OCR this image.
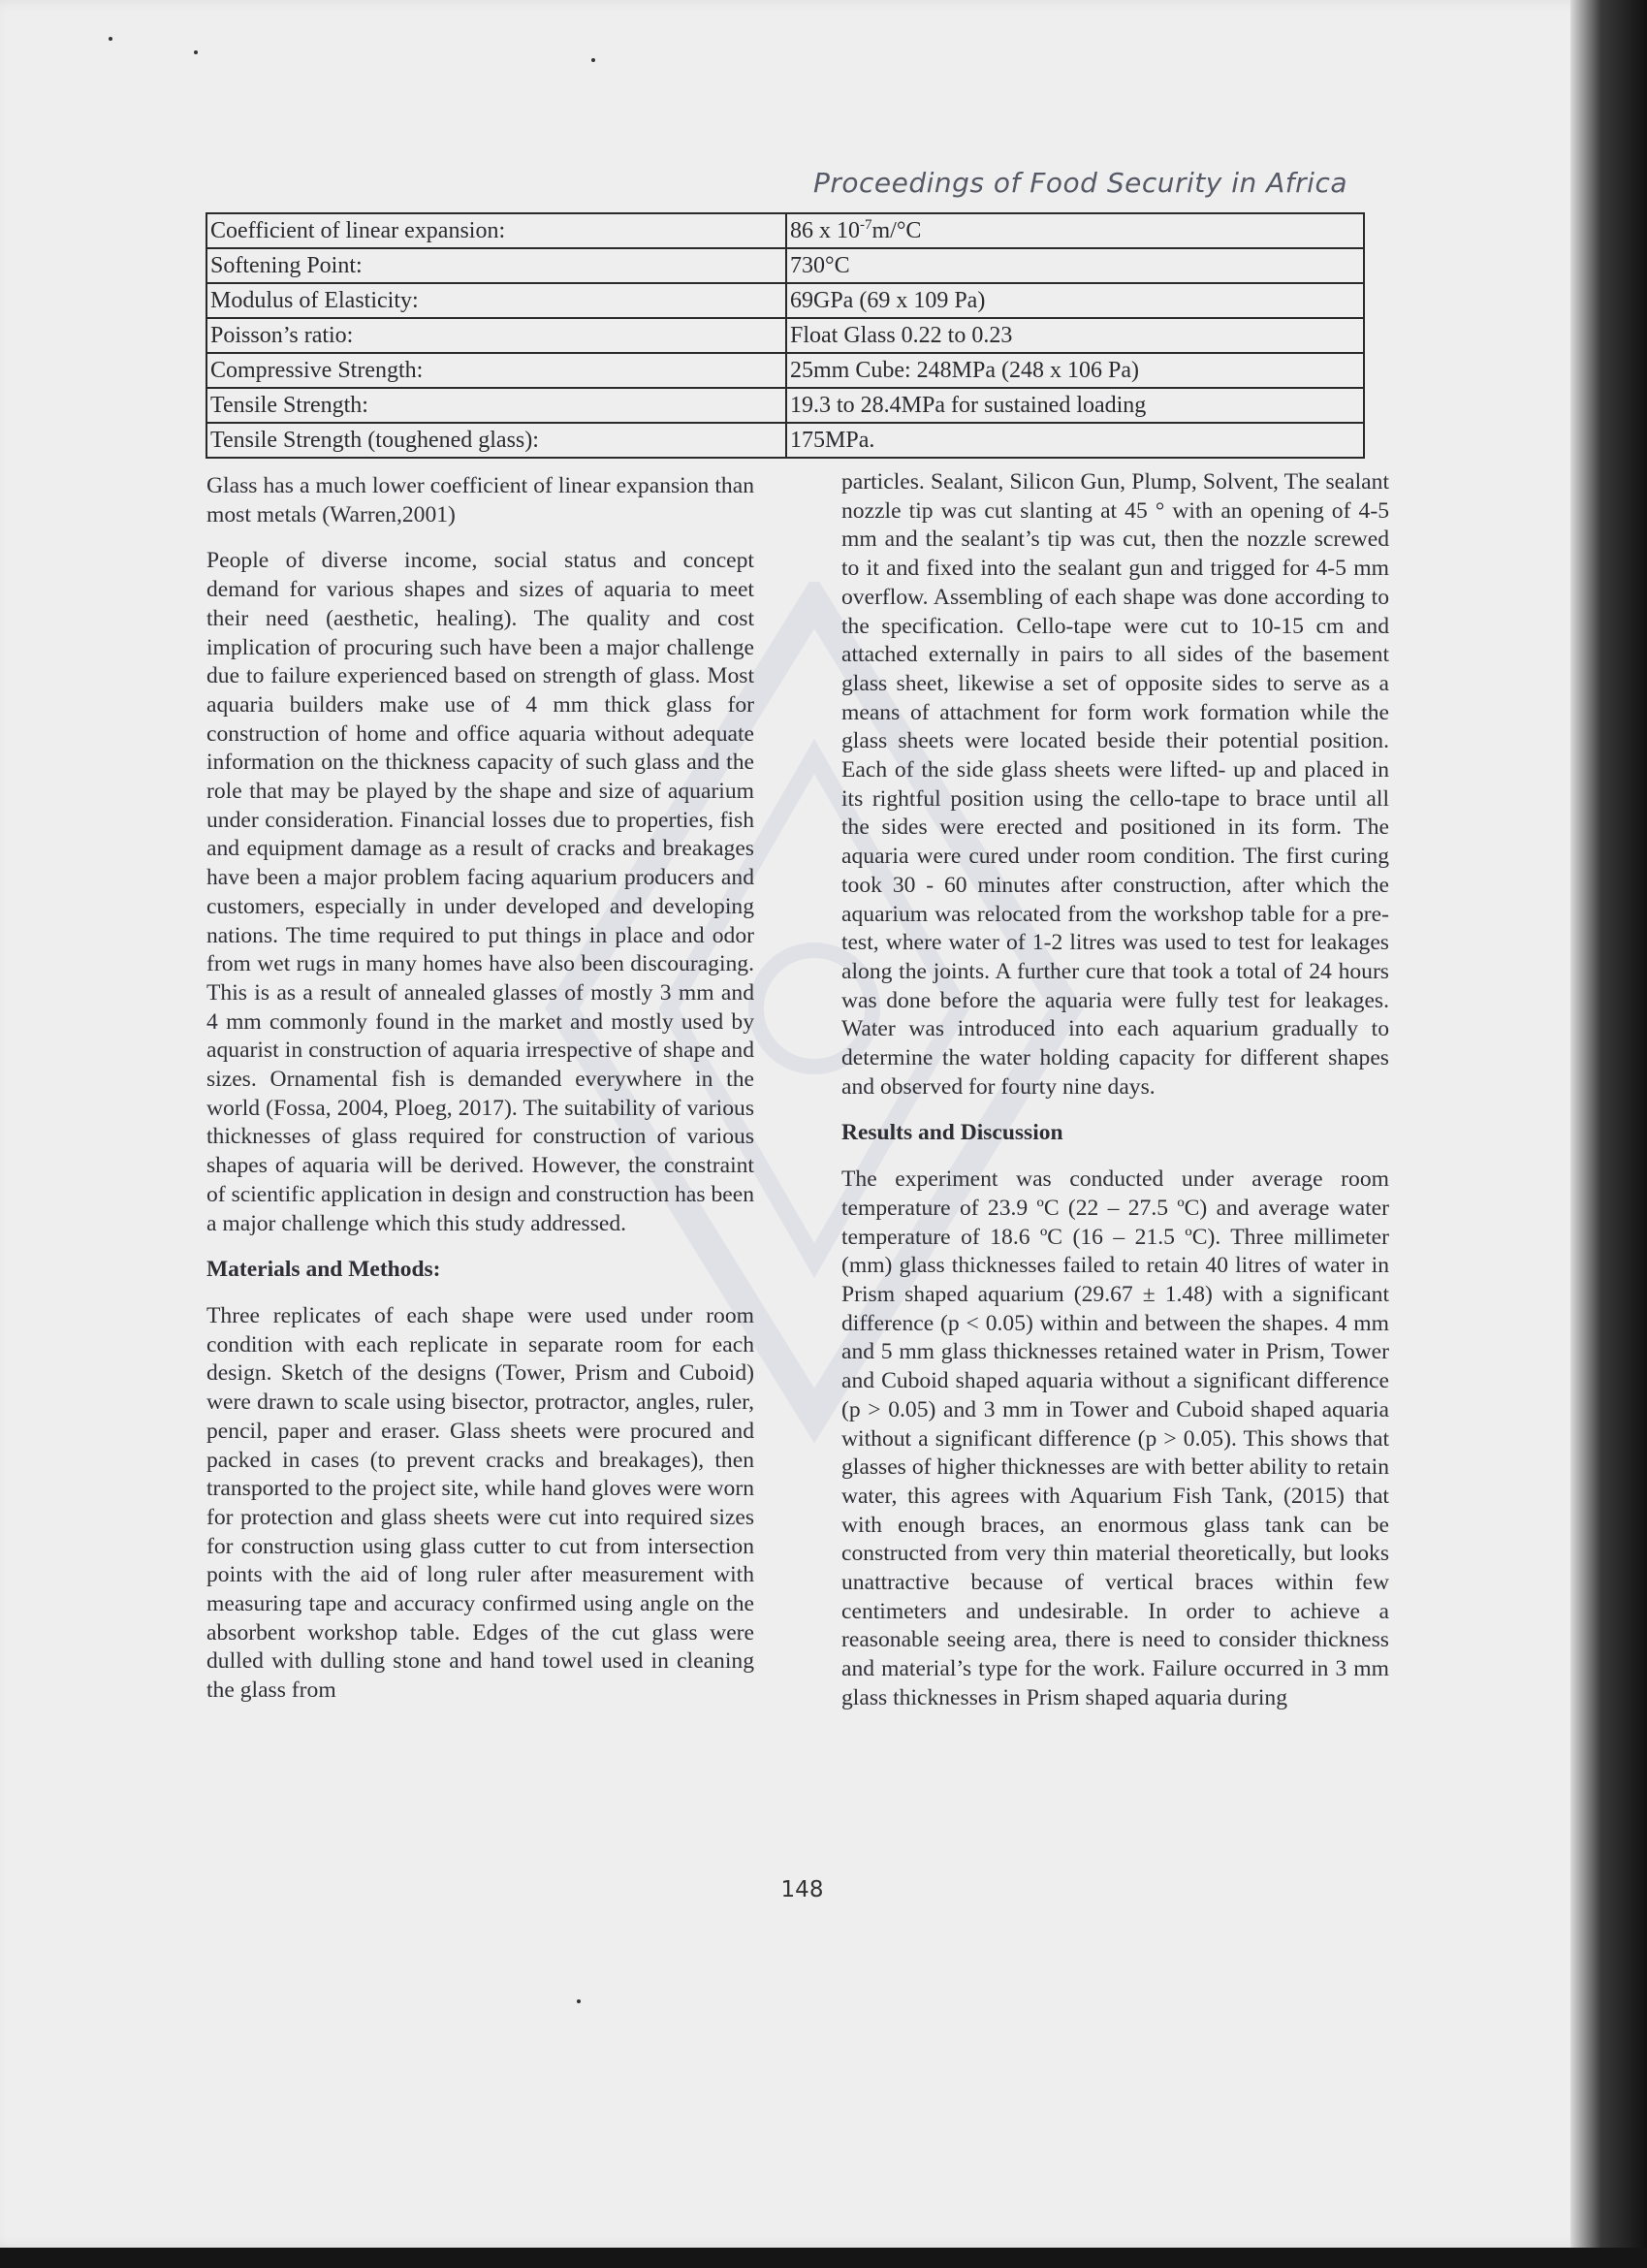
Proceedings of Food Security in Africa
Coefficient of linear expansion:	86 x $10^{-7}m/^\circ C$
Softening Point:	730°C
Modulus of Elasticity:	69GPa (69 x 109 Pa)
Poisson’s ratio:	Float Glass 0.22 to 0.23
Compressive Strength:	25mm Cube: 248MPa (248 x 106 Pa)
Tensile Strength:	19.3 to 28.4MPa for sustained loading
Tensile Strength (toughened glass):	175MPa.

Glass has a much lower coefficient of linear expansion than most metals (Warren,2001)

People of diverse income, social status and concept demand for various shapes and sizes of aquaria to meet their need (aesthetic, healing). The quality and cost implication of procuring such have been a major challenge due to failure experienced based on strength of glass. Most aquaria builders make use of 4 mm thick glass for construction of home and office aquaria without adequate information on the thickness capacity of such glass and the role that may be played by the shape and size of aquarium under consideration. Financial losses due to properties, fish and equipment damage as a result of cracks and breakages have been a major problem facing aquarium producers and customers, especially in under developed and developing nations. The time required to put things in place and odor from wet rugs in many homes have also been discouraging. This is as a result of annealed glasses of mostly 3 mm and 4 mm commonly found in the market and mostly used by aquarist in construction of aquaria irrespective of shape and sizes. Ornamental fish is demanded everywhere in the world (Fossa, 2004, Ploeg, 2017). The suitability of various thicknesses of glass required for construction of various shapes of aquaria will be derived. However, the constraint of scientific application in design and construction has been a major challenge which this study addressed.

Materials and Methods:

Three replicates of each shape were used under room condition with each replicate in separate room for each design. Sketch of the designs (Tower, Prism and Cuboid) were drawn to scale using bisector, protractor, angles, ruler, pencil, paper and eraser. Glass sheets were procured and packed in cases (to prevent cracks and breakages), then transported to the project site, while hand gloves were worn for protection and glass sheets were cut into required sizes for construction using glass cutter to cut from intersection points with the aid of long ruler after measurement with measuring tape and accuracy confirmed using angle on the absorbent workshop table. Edges of the cut glass were dulled with dulling stone and hand towel used in cleaning the glass from

particles. Sealant, Silicon Gun, Plump, Solvent, The sealant nozzle tip was cut slanting at 45 ° with an opening of 4-5 mm and the sealant’s tip was cut, then the nozzle screwed to it and fixed into the sealant gun and trigged for 4-5 mm overflow. Assembling of each shape was done according to the specification. Cello-tape were cut to 10-15 cm and attached externally in pairs to all sides of the basement glass sheet, likewise a set of opposite sides to serve as a means of attachment for form work formation while the glass sheets were located beside their potential position. Each of the side glass sheets were lifted- up and placed in its rightful position using the cello-tape to brace until all the sides were erected and positioned in its form. The aquaria were cured under room condition. The first curing took 30 - 60 minutes after construction, after which the aquarium was relocated from the workshop table for a pre-test, where water of 1-2 litres was used to test for leakages along the joints. A further cure that took a total of 24 hours was done before the aquaria were fully test for leakages. Water was introduced into each aquarium gradually to determine the water holding capacity for different shapes and observed for fourty nine days.

Results and Discussion

The experiment was conducted under average room temperature of 23.9 ºC (22 – 27.5 ºC) and average water temperature of 18.6 ºC (16 – 21.5 ºC). Three millimeter (mm) glass thicknesses failed to retain 40 litres of water in Prism shaped aquarium (29.67 ± 1.48) with a significant difference (p < 0.05) within and between the shapes. 4 mm and 5 mm glass thicknesses retained water in Prism, Tower and Cuboid shaped aquaria without a significant difference (p > 0.05) and 3 mm in Tower and Cuboid shaped aquaria without a significant difference (p > 0.05). This shows that glasses of higher thicknesses are with better ability to retain water, this agrees with Aquarium Fish Tank, (2015) that with enough braces, an enormous glass tank can be constructed from very thin material theoretically, but looks unattractive because of vertical braces within few centimeters and undesirable. In order to achieve a reasonable seeing area, there is need to consider thickness and material’s type for the work. Failure occurred in 3 mm glass thicknesses in Prism shaped aquaria during

148
